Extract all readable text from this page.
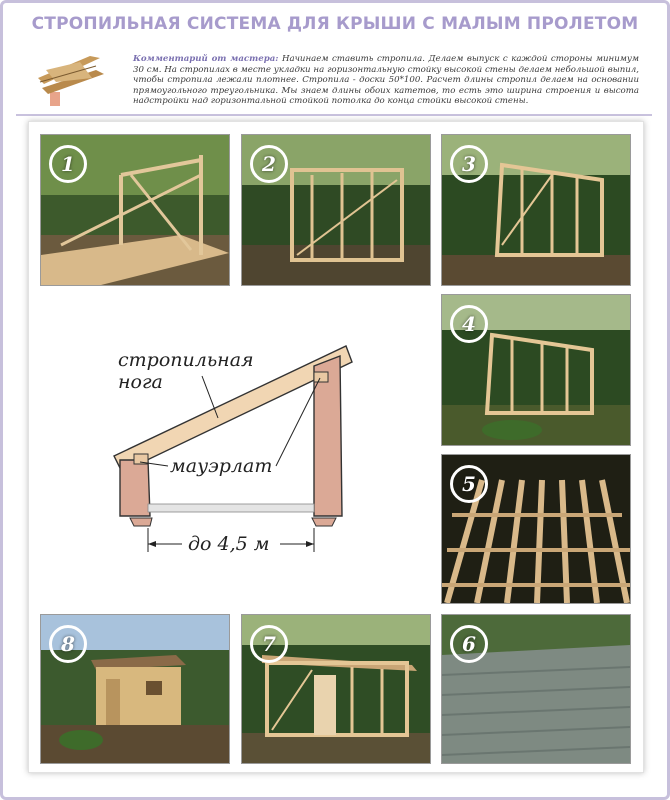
СТРОПИЛЬНАЯ СИСТЕМА ДЛЯ КРЫШИ С МАЛЫМ ПРОЛЕТОМ
Комментарий от мастера: Начинаем ставить стропила. Делаем выпуск с каждой стороны минимум 30 см. На стропилах в месте укладки на горизонтальную стойку высокой стены делаем небольшой выпил, чтобы стропила лежали плотнее. Стропила - доски 50*100. Расчет длины стропил делаем на основании прямоугольного треугольника. Мы знаем длины обоих катетов, то есть это ширина строения и высота надстройки над горизонтальной стойкой потолка до конца стойки высокой стены.
1	2	3
4
5
6
7
8
стропильная
нога
мауэрлат
до 4,5 м
